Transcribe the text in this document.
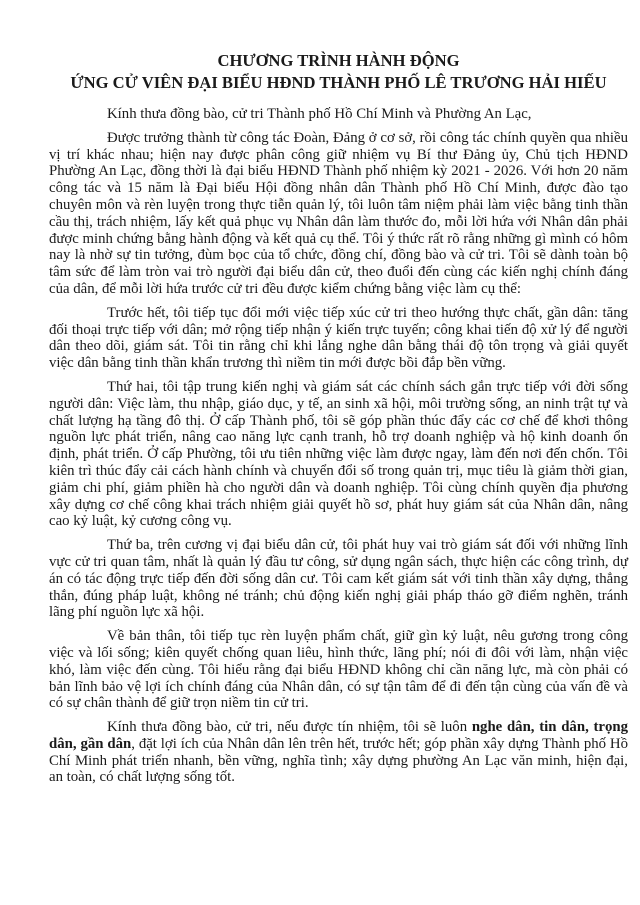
CHƯƠNG TRÌNH HÀNH ĐỘNG
ỨNG CỬ VIÊN ĐẠI BIỂU HĐND THÀNH PHỐ LÊ TRƯƠNG HẢI HIẾU

Kính thưa đồng bào, cử tri Thành phố Hồ Chí Minh và Phường An Lạc,

Được trưởng thành từ công tác Đoàn, Đảng ở cơ sở, rồi công tác chính quyền qua nhiều vị trí khác nhau; hiện nay được phân công giữ nhiệm vụ Bí thư Đảng ủy, Chủ tịch HĐND Phường An Lạc, đồng thời là đại biểu HĐND Thành phố nhiệm kỳ 2021 - 2026. Với hơn 20 năm công tác và 15 năm là Đại biểu Hội đồng nhân dân Thành phố Hồ Chí Minh, được đào tạo chuyên môn và rèn luyện trong thực tiễn quản lý, tôi luôn tâm niệm phải làm việc bằng tinh thần cầu thị, trách nhiệm, lấy kết quả phục vụ Nhân dân làm thước đo, mỗi lời hứa với Nhân dân phải được minh chứng bằng hành động và kết quả cụ thể. Tôi ý thức rất rõ rằng những gì mình có hôm nay là nhờ sự tin tưởng, đùm bọc của tổ chức, đồng chí, đồng bào và cử tri. Tôi sẽ dành toàn bộ tâm sức để làm tròn vai trò người đại biểu dân cử, theo đuổi đến cùng các kiến nghị chính đáng của dân, để mỗi lời hứa trước cử tri đều được kiểm chứng bằng việc làm cụ thể:

Trước hết, tôi tiếp tục đổi mới việc tiếp xúc cử tri theo hướng thực chất, gần dân: tăng đối thoại trực tiếp với dân; mở rộng tiếp nhận ý kiến trực tuyến; công khai tiến độ xử lý để người dân theo dõi, giám sát. Tôi tin rằng chỉ khi lắng nghe dân bằng thái độ tôn trọng và giải quyết việc dân bằng tinh thần khẩn trương thì niềm tin mới được bồi đắp bền vững.

Thứ hai, tôi tập trung kiến nghị và giám sát các chính sách gắn trực tiếp với đời sống người dân: Việc làm, thu nhập, giáo dục, y tế, an sinh xã hội, môi trường sống, an ninh trật tự và chất lượng hạ tầng đô thị. Ở cấp Thành phố, tôi sẽ góp phần thúc đẩy các cơ chế để khơi thông nguồn lực phát triển, nâng cao năng lực cạnh tranh, hỗ trợ doanh nghiệp và hộ kinh doanh ổn định, phát triển. Ở cấp Phường, tôi ưu tiên những việc làm được ngay, làm đến nơi đến chốn. Tôi kiên trì thúc đẩy cải cách hành chính và chuyển đổi số trong quản trị, mục tiêu là giảm thời gian, giảm chi phí, giảm phiền hà cho người dân và doanh nghiệp. Tôi cùng chính quyền địa phương xây dựng cơ chế công khai trách nhiệm giải quyết hồ sơ, phát huy giám sát của Nhân dân, nâng cao kỷ luật, kỷ cương công vụ.

Thứ ba, trên cương vị đại biểu dân cử, tôi phát huy vai trò giám sát đối với những lĩnh vực cử tri quan tâm, nhất là quản lý đầu tư công, sử dụng ngân sách, thực hiện các công trình, dự án có tác động trực tiếp đến đời sống dân cư. Tôi cam kết giám sát với tinh thần xây dựng, thẳng thắn, đúng pháp luật, không né tránh; chủ động kiến nghị giải pháp tháo gỡ điểm nghẽn, tránh lãng phí nguồn lực xã hội.

Về bản thân, tôi tiếp tục rèn luyện phẩm chất, giữ gìn kỷ luật, nêu gương trong công việc và lối sống; kiên quyết chống quan liêu, hình thức, lãng phí; nói đi đôi với làm, nhận việc khó, làm việc đến cùng. Tôi hiểu rằng đại biểu HĐND không chỉ cần năng lực, mà còn phải có bản lĩnh bảo vệ lợi ích chính đáng của Nhân dân, có sự tận tâm để đi đến tận cùng của vấn đề và có sự chân thành để giữ trọn niềm tin cử tri.

Kính thưa đồng bào, cử tri, nếu được tín nhiệm, tôi sẽ luôn nghe dân, tin dân, trọng dân, gần dân, đặt lợi ích của Nhân dân lên trên hết, trước hết; góp phần xây dựng Thành phố Hồ Chí Minh phát triển nhanh, bền vững, nghĩa tình; xây dựng phường An Lạc văn minh, hiện đại, an toàn, có chất lượng sống tốt.
